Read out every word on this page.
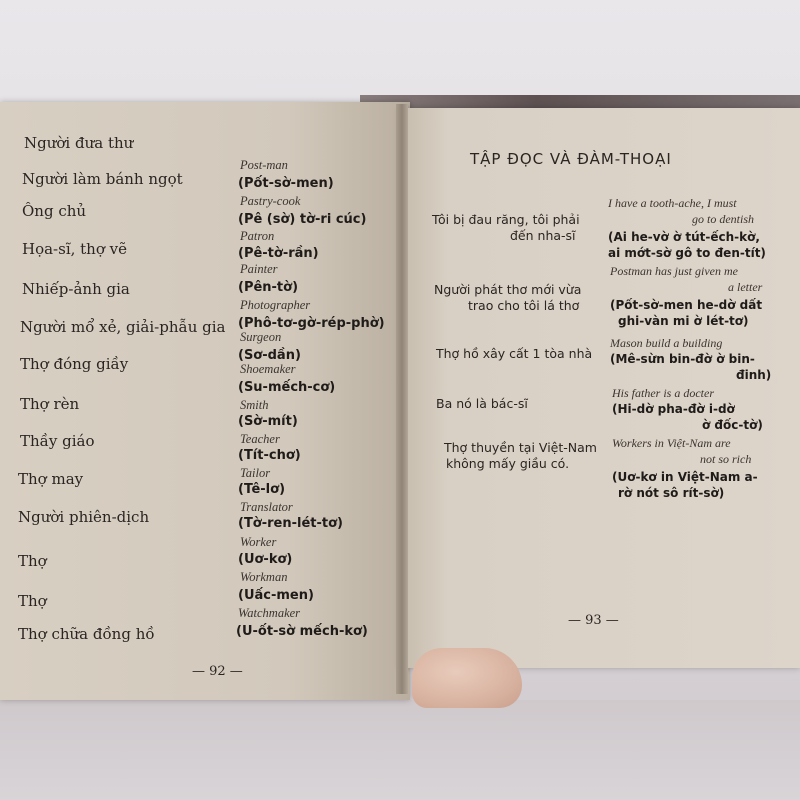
Người đưa thư
Post-man
(Pốt-sờ-men)
Người làm bánh ngọt
Pastry-cook
(Pê (sờ) tờ-ri cúc)
Ông chủ
Patron
(Pê-tờ-rần)
Họa-sĩ, thợ vẽ
Painter
(Pên-tờ)
Nhiếp-ảnh gia
Photographer
(Phô-tơ-gờ-rép-phờ)
Người mổ xẻ, giải-phẫu gia
Surgeon
(Sơ-dần)
Thợ đóng giầy	Shoemaker
(Su-mếch-cơ)
Thợ rèn	Smith
(Sờ-mít)
Thầy giáo	Teacher
(Tít-chơ)
Thợ may	Tailor
(Tê-lơ)
Người phiên-dịch
Translator
(Tờ-ren-lét-tơ)
Thợ
Worker
(Uơ-kơ)
Thợ
Workman
(Uấc-men)
Thợ chữa đồng hồ
Watchmaker
(U-ốt-sờ mếch-kơ)
— 92 —
TẬP ĐỌC VÀ ĐÀM-THOẠI
Tôi bị đau răng, tôi phải
đến nha-sĩ
I have a tooth-ache, I must
go to dentish
(Ai he-vờ ờ tút-ếch-kờ,
ai mớt-sờ gô to đen-tít)
Người phát thơ mới vừa
trao cho tôi lá thơ
Postman has just given me
a letter
(Pốt-sờ-men he-dờ dất
ghi-vàn mi ờ lét-tơ)
Thợ hồ xây cất 1 tòa nhà
Mason build a building
(Mê-sừn bin-đờ ờ bin-
đinh)
Ba nó là bác-sĩ
His father is a docter
(Hi-dờ pha-đờ i-dờ
ờ đốc-tờ)
Thợ thuyền tại Việt-Nam
không mấy giầu có.
Workers in Việt-Nam are
not so rich
(Uơ-kơ in Việt-Nam a-
rờ nót sô rít-sờ)
— 93 —
